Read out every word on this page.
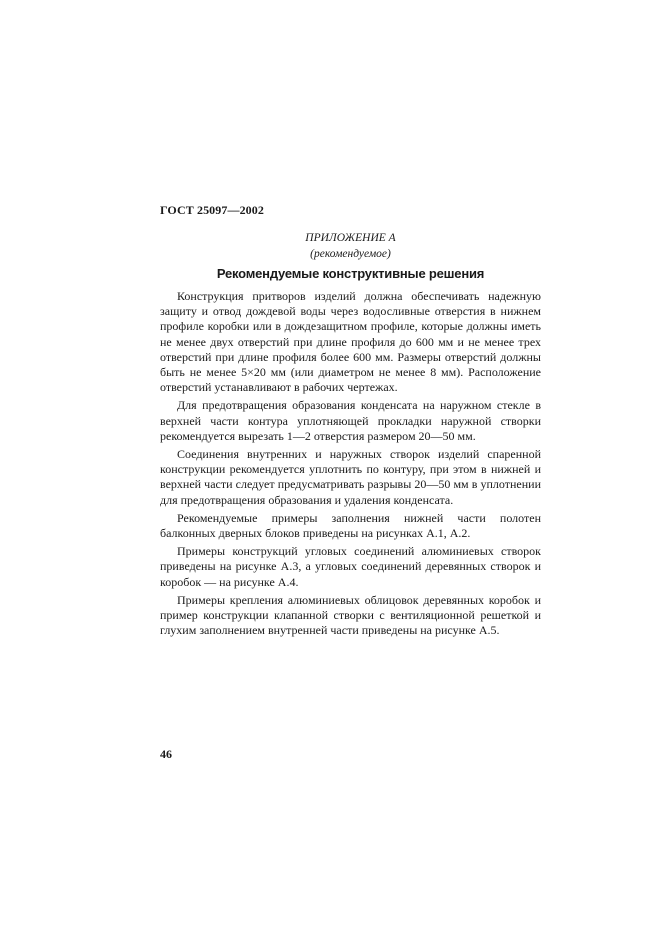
ГОСТ 25097—2002
ПРИЛОЖЕНИЕ А
(рекомендуемое)
Рекомендуемые конструктивные решения

Конструкция притворов изделий должна обеспечивать надежную защиту и отвод дождевой воды через водосливные отверстия в нижнем профиле коробки или в дождезащитном профиле, которые должны иметь не менее двух отверстий при длине профиля до 600 мм и не менее трех отверстий при длине профиля более 600 мм. Размеры отверстий должны быть не менее 5×20 мм (или диаметром не менее 8 мм). Расположение отверстий устанавливают в рабочих чертежах.

Для предотвращения образования конденсата на наружном стекле в верхней части контура уплотняющей прокладки наружной створки рекомендуется вырезать 1—2 отверстия размером 20—50 мм.

Соединения внутренних и наружных створок изделий спаренной конструкции рекомендуется уплотнить по контуру, при этом в нижней и верхней части следует предусматривать разрывы 20—50 мм в уплотнении для предотвращения образования и удаления конденсата.

Рекомендуемые примеры заполнения нижней части полотен балконных дверных блоков приведены на рисунках А.1, А.2.

Примеры конструкций угловых соединений алюминиевых створок приведены на рисунке А.3, а угловых соединений деревянных створок и коробок — на рисунке А.4.

Примеры крепления алюминиевых облицовок деревянных коробок и пример конструкции клапанной створки с вентиляционной решеткой и глухим заполнением внутренней части приведены на рисунке А.5.

46
